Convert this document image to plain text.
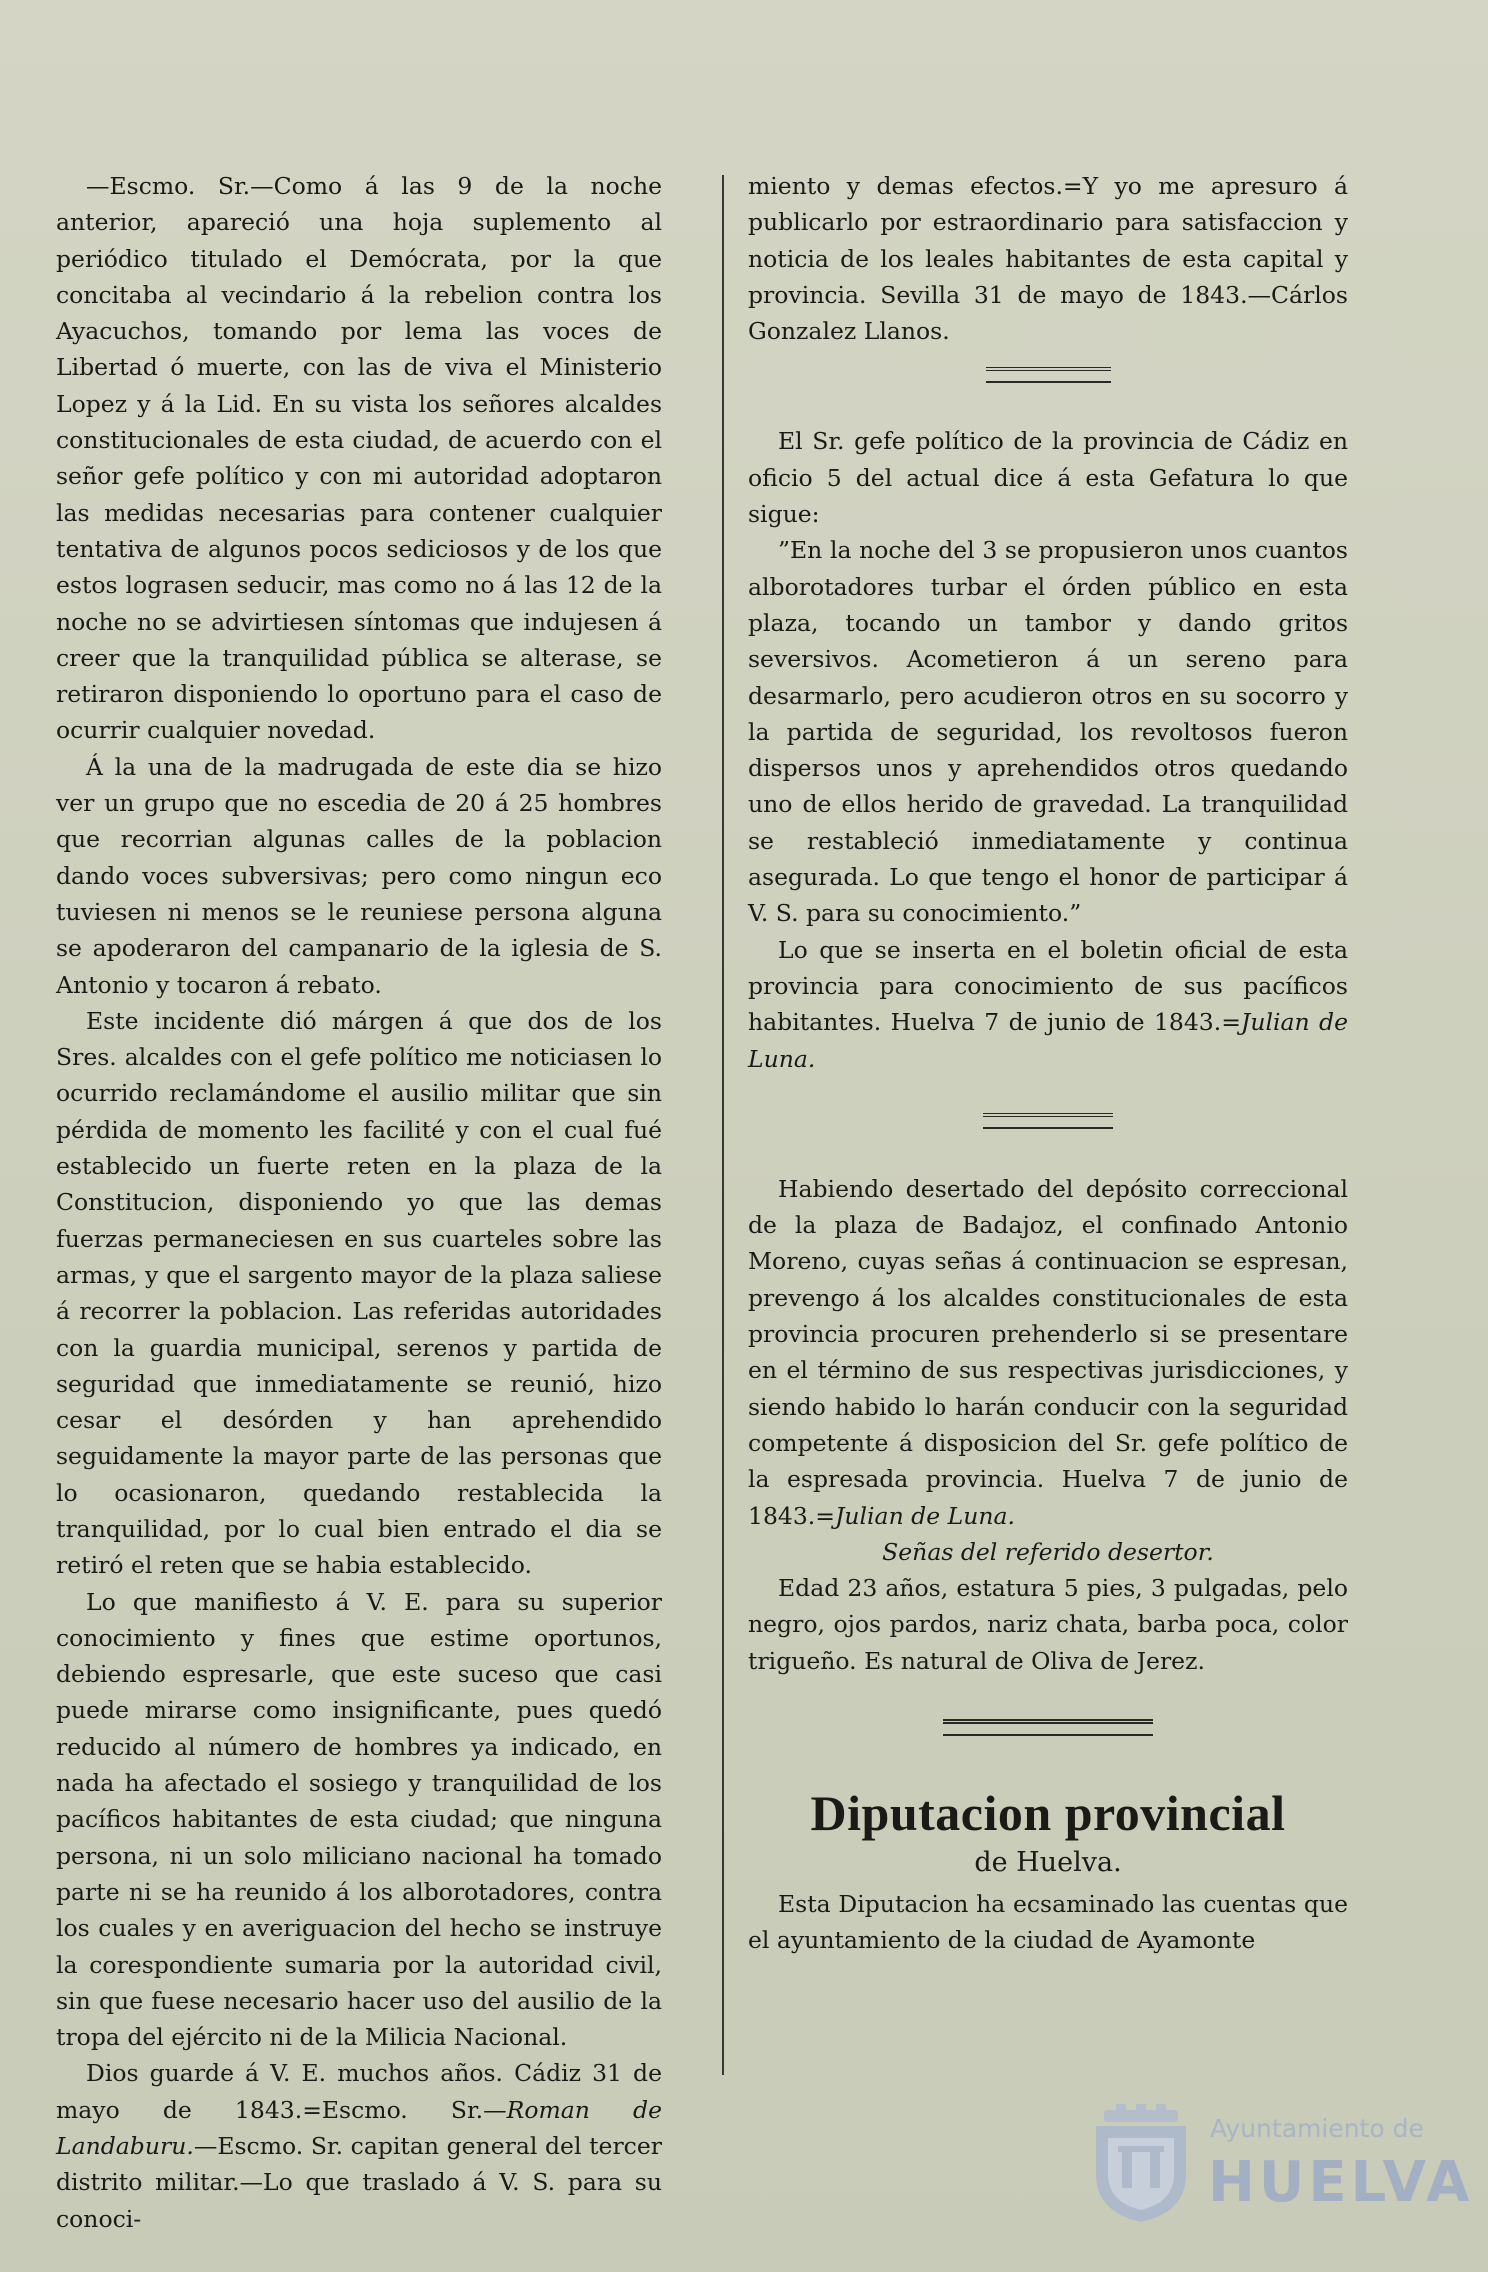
—Escmo. Sr.—Como á las 9 de la noche anterior, apareció una hoja suplemento al periódico titulado el Demócrata, por la que concitaba al vecindario á la rebelion contra los Ayacuchos, tomando por lema las voces de Libertad ó muerte, con las de viva el Ministerio Lopez y á la Lid. En su vista los señores alcaldes constitucionales de esta ciudad, de acuerdo con el señor gefe político y con mi autoridad adoptaron las medidas necesarias para contener cualquier tentativa de algunos pocos sediciosos y de los que estos lograsen seducir, mas como no á las 12 de la noche no se advirtiesen síntomas que indujesen á creer que la tranquilidad pública se alterase, se retiraron disponiendo lo oportuno para el caso de ocurrir cualquier novedad.

Á la una de la madrugada de este dia se hizo ver un grupo que no escedia de 20 á 25 hombres que recorrian algunas calles de la poblacion dando voces subversivas; pero como ningun eco tuviesen ni menos se le reuniese persona alguna se apoderaron del campanario de la iglesia de S. Antonio y tocaron á rebato.

Este incidente dió márgen á que dos de los Sres. alcaldes con el gefe político me noticiasen lo ocurrido reclamándome el ausilio militar que sin pérdida de momento les facilité y con el cual fué establecido un fuerte reten en la plaza de la Constitucion, disponiendo yo que las demas fuerzas permaneciesen en sus cuarteles sobre las armas, y que el sargento mayor de la plaza saliese á recorrer la poblacion. Las referidas autoridades con la guardia municipal, serenos y partida de seguridad que inmediatamente se reunió, hizo cesar el desórden y han aprehendido seguidamente la mayor parte de las personas que lo ocasionaron, quedando restablecida la tranquilidad, por lo cual bien entrado el dia se retiró el reten que se habia establecido.

Lo que manifiesto á V. E. para su superior conocimiento y fines que estime oportunos, debiendo espresarle, que este suceso que casi puede mirarse como insignificante, pues quedó reducido al número de hombres ya indicado, en nada ha afectado el sosiego y tranquilidad de los pacíficos habitantes de esta ciudad; que ninguna persona, ni un solo miliciano nacional ha tomado parte ni se ha reunido á los alborotadores, contra los cuales y en averiguacion del hecho se instruye la corespondiente sumaria por la autoridad civil, sin que fuese necesario hacer uso del ausilio de la tropa del ejército ni de la Milicia Nacional.

Dios guarde á V. E. muchos años. Cádiz 31 de mayo de 1843.=Escmo. Sr.—Roman de Landaburu.—Escmo. Sr. capitan general del tercer distrito militar.—Lo que traslado á V. S. para su conoci-

miento y demas efectos.=Y yo me apresuro á publicarlo por estraordinario para satisfaccion y noticia de los leales habitantes de esta capital y provincia. Sevilla 31 de mayo de 1843.—Cárlos Gonzalez Llanos.

El Sr. gefe político de la provincia de Cádiz en oficio 5 del actual dice á esta Gefatura lo que sigue:

”En la noche del 3 se propusieron unos cuantos alborotadores turbar el órden público en esta plaza, tocando un tambor y dando gritos seversivos. Acometieron á un sereno para desarmarlo, pero acudieron otros en su socorro y la partida de seguridad, los revoltosos fueron dispersos unos y aprehendidos otros quedando uno de ellos herido de gravedad. La tranquilidad se restableció inmediatamente y continua asegurada. Lo que tengo el honor de participar á V. S. para su conocimiento.”

Lo que se inserta en el boletin oficial de esta provincia para conocimiento de sus pacíficos habitantes. Huelva 7 de junio de 1843.=Julian de Luna.

Habiendo desertado del depósito correccional de la plaza de Badajoz, el confinado Antonio Moreno, cuyas señas á continuacion se espresan, prevengo á los alcaldes constitucionales de esta provincia procuren prehenderlo si se presentare en el término de sus respectivas jurisdicciones, y siendo habido lo harán conducir con la seguridad competente á disposicion del Sr. gefe político de la espresada provincia. Huelva 7 de junio de 1843.=Julian de Luna.

Señas del referido desertor.

Edad 23 años, estatura 5 pies, 3 pulgadas, pelo negro, ojos pardos, nariz chata, barba poca, color trigueño. Es natural de Oliva de Jerez.

Diputacion provincial
de Huelva.

Esta Diputacion ha ecsaminado las cuentas que el ayuntamiento de la ciudad de Ayamonte

Ayuntamiento de
HUELVA
